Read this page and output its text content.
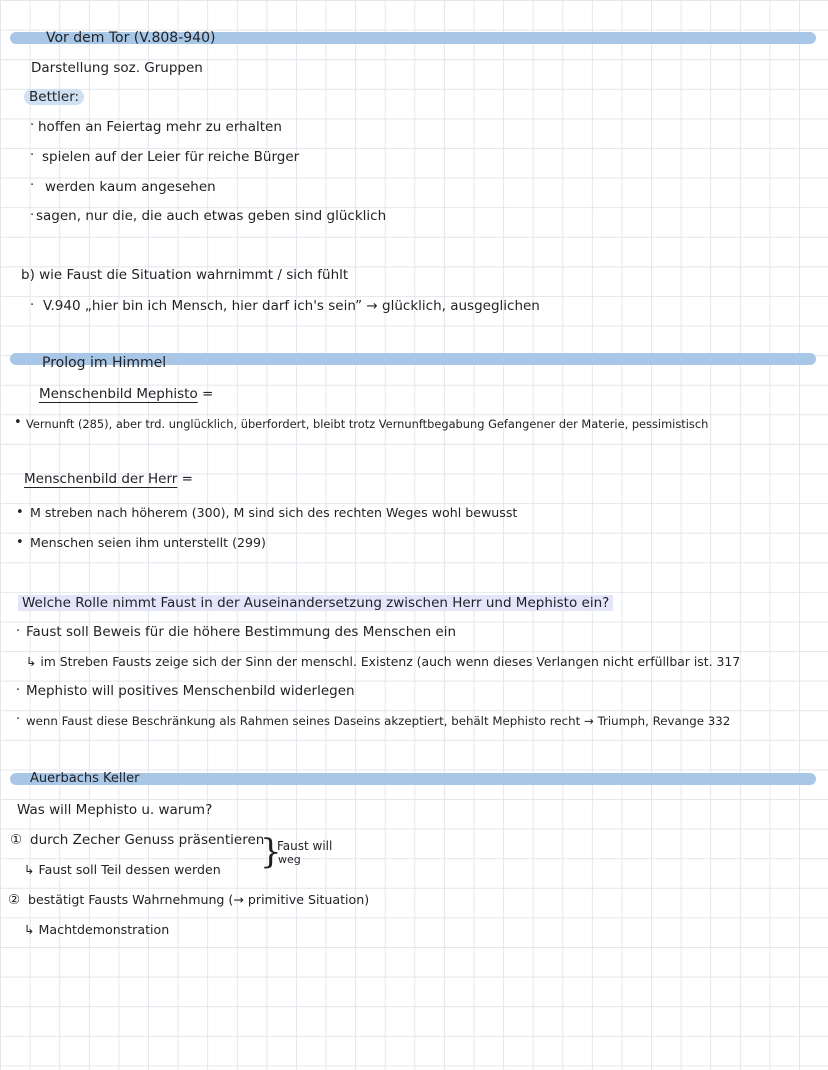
Vor dem Tor (V.808-940)
Darstellung soz. Gruppen
Bettler:
· hoffen an Feiertag mehr zu erhalten
· spielen auf der Leier für reiche Bürger
· werden kaum angesehen
· sagen, nur die, die auch etwas geben sind glücklich
b) wie Faust die Situation wahrnimmt / sich fühlt
· V.940 „hier bin ich Mensch, hier darf ich's sein” → glücklich, ausgeglichen
Prolog im Himmel
Menschenbild Mephisto =
• Vernunft (285), aber trd. unglücklich, überfordert, bleibt trotz Vernunftbegabung Gefangener der Materie, pessimistisch
Menschenbild der Herr =
• M streben nach höherem (300), M sind sich des rechten Weges wohl bewusst
• Menschen seien ihm unterstellt (299)
Welche Rolle nimmt Faust in der Auseinandersetzung zwischen Herr und Mephisto ein?
· Faust soll Beweis für die höhere Bestimmung des Menschen ein
↳ im Streben Fausts zeige sich der Sinn der menschl. Existenz (auch wenn dieses Verlangen nicht erfüllbar ist. 317
· Mephisto will positives Menschenbild widerlegen
· wenn Faust diese Beschränkung als Rahmen seines Daseins akzeptiert, behält Mephisto recht → Triumph, Revange 332
Auerbachs Keller
Was will Mephisto u. warum?
① durch Zecher Genuss präsentieren
↳ Faust soll Teil dessen werden }
Faust will
weg
② bestätigt Fausts Wahrnehmung (→ primitive Situation)
↳ Machtdemonstration
